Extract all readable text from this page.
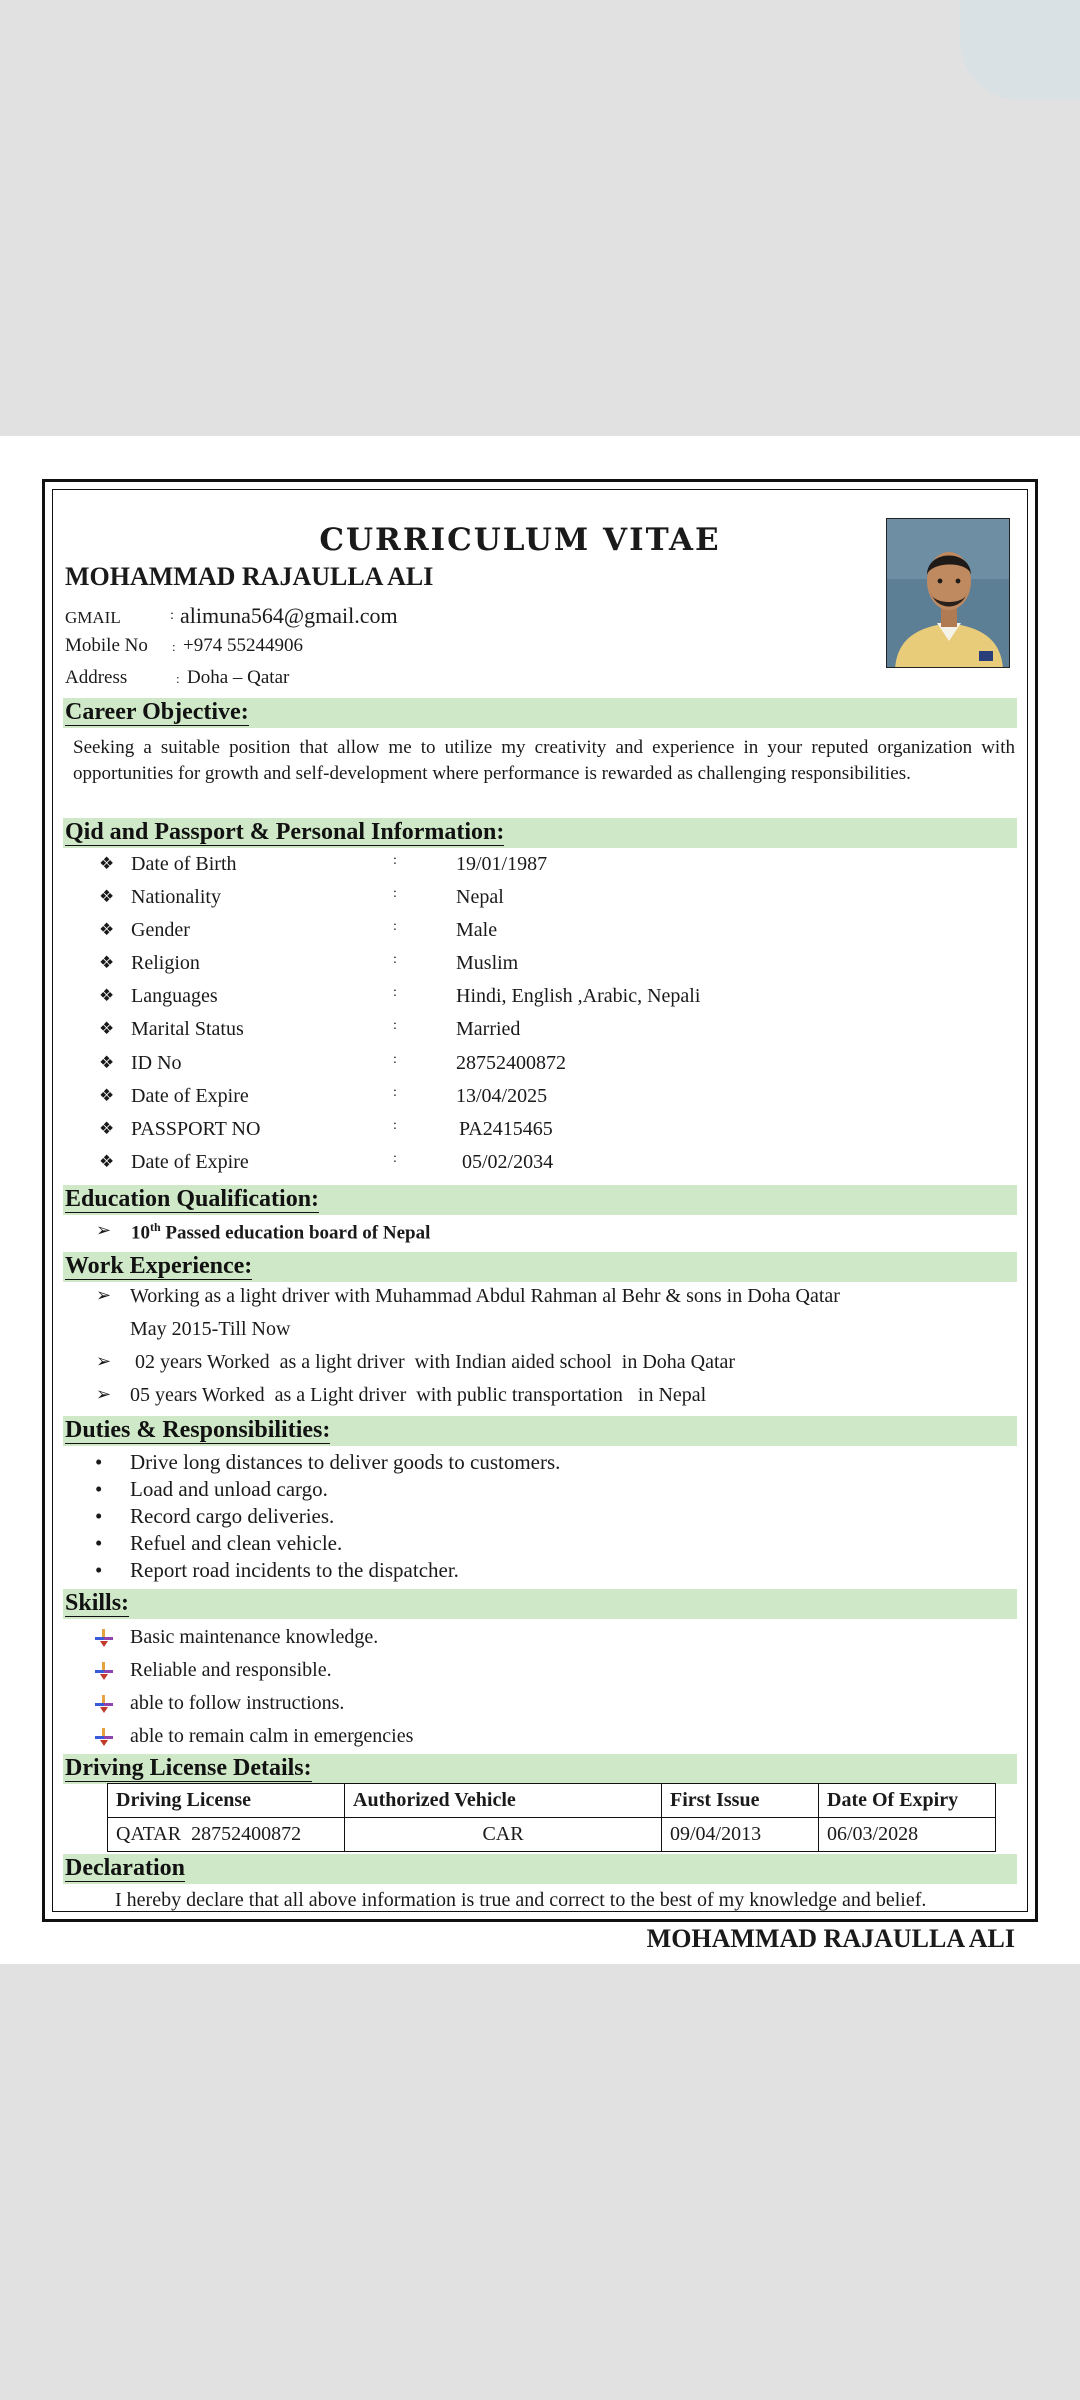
CURRICULUM VITAE
MOHAMMAD RAJAULLA ALI
GMAIL	: alimuna564@gmail.com
Mobile No : +974 55244906
Address	: Doha – Qatar
Career Objective:
Seeking a suitable position that allow me to utilize my creativity and experience in your reputed organization with opportunities for growth and self-development where performance is rewarded as challenging responsibilities.
Qid and Passport & Personal Information:
❖ Date of Birth	:	19/01/1987
❖ Nationality	:	Nepal
❖ Gender	:	Male
❖ Religion	:	Muslim
❖ Languages	:	Hindi, English ,Arabic, Nepali
❖ Marital Status	:	Married
❖ ID No	:	28752400872
❖ Date of Expire	:	13/04/2025
❖ PASSPORT NO	:	PA2415465
❖ Date of Expire	:	05/02/2034
Education Qualification:
➢ 10th Passed education board of Nepal
Work Experience:
➢ Working as a light driver with Muhammad Abdul Rahman al Behr & sons in Doha Qatar
May 2015-Till Now
➢ 02 years Worked  as a light driver  with Indian aided school  in Doha Qatar
➢ 05 years Worked  as a Light driver  with public transportation   in Nepal
Duties & Responsibilities:
• Drive long distances to deliver goods to customers.
• Load and unload cargo.
• Record cargo deliveries.
• Refuel and clean vehicle.
• Report road incidents to the dispatcher.
Skills:
Basic maintenance knowledge.
Reliable and responsible.
able to follow instructions.
able to remain calm in emergencies
Driving License Details:
Driving License	Authorized Vehicle	First Issue	Date Of Expiry
QATAR  28752400872	CAR	09/04/2013	06/03/2028
Declaration
I hereby declare that all above information is true and correct to the best of my knowledge and belief.
MOHAMMAD RAJAULLA ALI
